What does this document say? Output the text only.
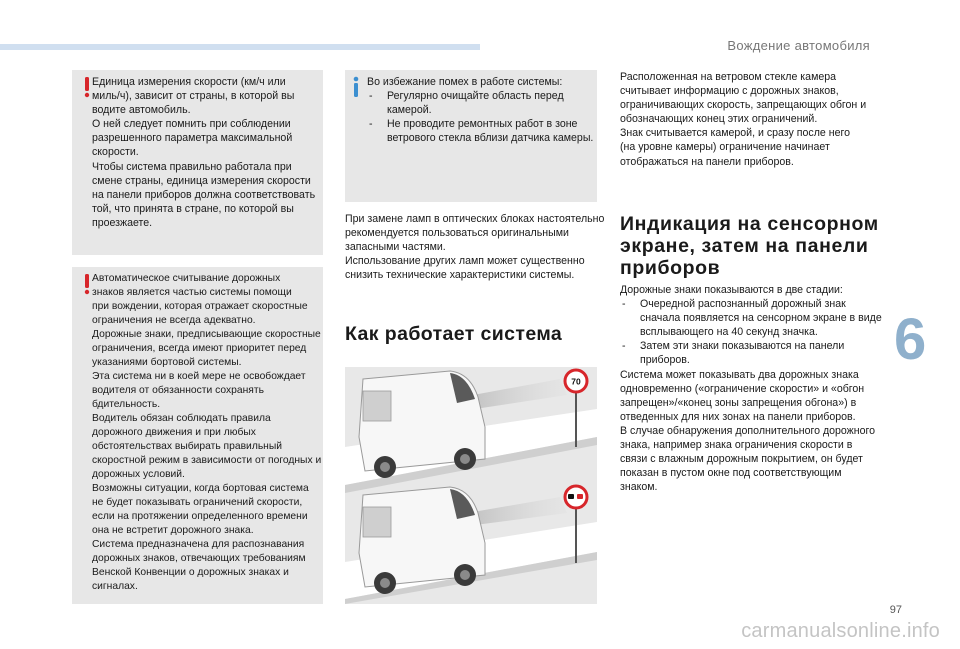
Вождение автомобиля
6

Единица измерения скорости (км/ч или

миль/ч), зависит от страны, в которой вы

водите автомобиль.

О ней следует помнить при соблюдении

разрешенного параметра максимальной

скорости.

Чтобы система правильно работала при

смене страны, единица измерения скорости

на панели приборов должна соответствовать

той, что принята в стране, по которой вы

проезжаете.

Автоматическое считывание дорожных

знаков является частью системы помощи

при вождении, которая отражает скоростные

ограничения не всегда адекватно.

Дорожные знаки, предписывающие скоростные

ограничения, всегда имеют приоритет перед

указаниями бортовой системы.

Эта система ни в коей мере не освобождает

водителя от обязанности сохранять

бдительность.

Водитель обязан соблюдать правила

дорожного движения и при любых

обстоятельствах выбирать правильный

скоростной режим в зависимости от погодных и

дорожных условий.

Возможны ситуации, когда бортовая система

не будет показывать ограничений скорости,

если на протяжении определенного времени

она не встретит дорожного знака.

Система предназначена для распознавания

дорожных знаков, отвечающих требованиям

Венской Конвенции о дорожных знаках и

сигналах.

Во избежание помех в работе системы:

- Регулярно очищайте область перед

камерой.

- Не проводите ремонтных работ в зоне

ветрового стекла вблизи датчика камеры.

При замене ламп в оптических блоках настоятельно

рекомендуется пользоваться оригинальными

запасными частями.

Использование других ламп может существенно

снизить технические характеристики системы.

Как работает система
70

Расположенная на ветровом стекле камера

считывает информацию с дорожных знаков,

ограничивающих скорость, запрещающих обгон и

обозначающих конец этих ограничений.

Знак считывается камерой, и сразу после него

(на уровне камеры) ограничение начинает

отображаться на панели приборов.

Индикация на сенсорном
экране, затем на панели
приборов

Дорожные знаки показываются в две стадии:

- Очередной распознанный дорожный знак

сначала появляется на сенсорном экране в виде

всплывающего на 40 секунд значка.

- Затем эти знаки показываются на панели

приборов.

Система может показывать два дорожных знака

одновременно («ограничение скорости» и «обгон

запрещен»/«конец зоны запрещения обгона») в

отведенных для них зонах на панели приборов.

В случае обнаружения дополнительного дорожного

знака, например знака ограничения скорости в

связи с влажным дорожным покрытием, он будет

показан в пустом окне под соответствующим

знаком.

97
carmanualsonline.info
